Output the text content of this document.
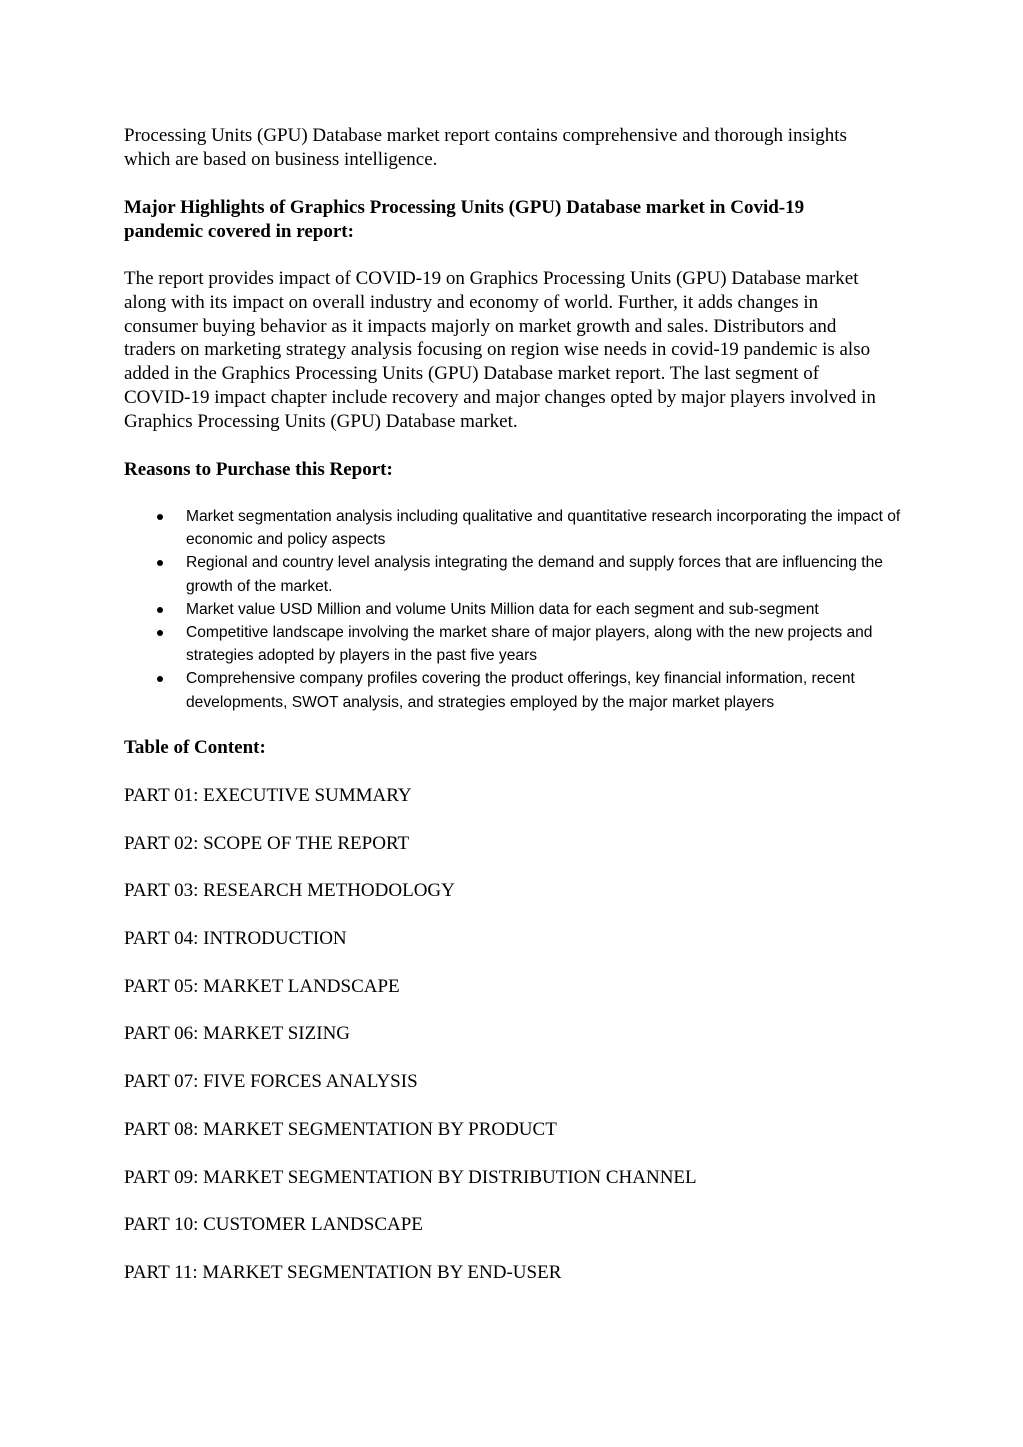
Processing Units (GPU) Database market report contains comprehensive and thorough insights which are based on business intelligence.

Major Highlights of Graphics Processing Units (GPU) Database market in Covid-19 pandemic covered in report:

The report provides impact of COVID-19 on Graphics Processing Units (GPU) Database market along with its impact on overall industry and economy of world. Further, it adds changes in consumer buying behavior as it impacts majorly on market growth and sales. Distributors and traders on marketing strategy analysis focusing on region wise needs in covid-19 pandemic is also added in the Graphics Processing Units (GPU) Database market report. The last segment of COVID-19 impact chapter include recovery and major changes opted by major players involved in Graphics Processing Units (GPU) Database market.

Reasons to Purchase this Report:

Market segmentation analysis including qualitative and quantitative research incorporating the impact of economic and policy aspects
Regional and country level analysis integrating the demand and supply forces that are influencing the growth of the market.
Market value USD Million and volume Units Million data for each segment and sub-segment
Competitive landscape involving the market share of major players, along with the new projects and strategies adopted by players in the past five years
Comprehensive company profiles covering the product offerings, key financial information, recent developments, SWOT analysis, and strategies employed by the major market players

Table of Content:

PART 01: EXECUTIVE SUMMARY

PART 02: SCOPE OF THE REPORT

PART 03: RESEARCH METHODOLOGY

PART 04: INTRODUCTION

PART 05: MARKET LANDSCAPE

PART 06: MARKET SIZING

PART 07: FIVE FORCES ANALYSIS

PART 08: MARKET SEGMENTATION BY PRODUCT

PART 09: MARKET SEGMENTATION BY DISTRIBUTION CHANNEL

PART 10: CUSTOMER LANDSCAPE

PART 11: MARKET SEGMENTATION BY END-USER
